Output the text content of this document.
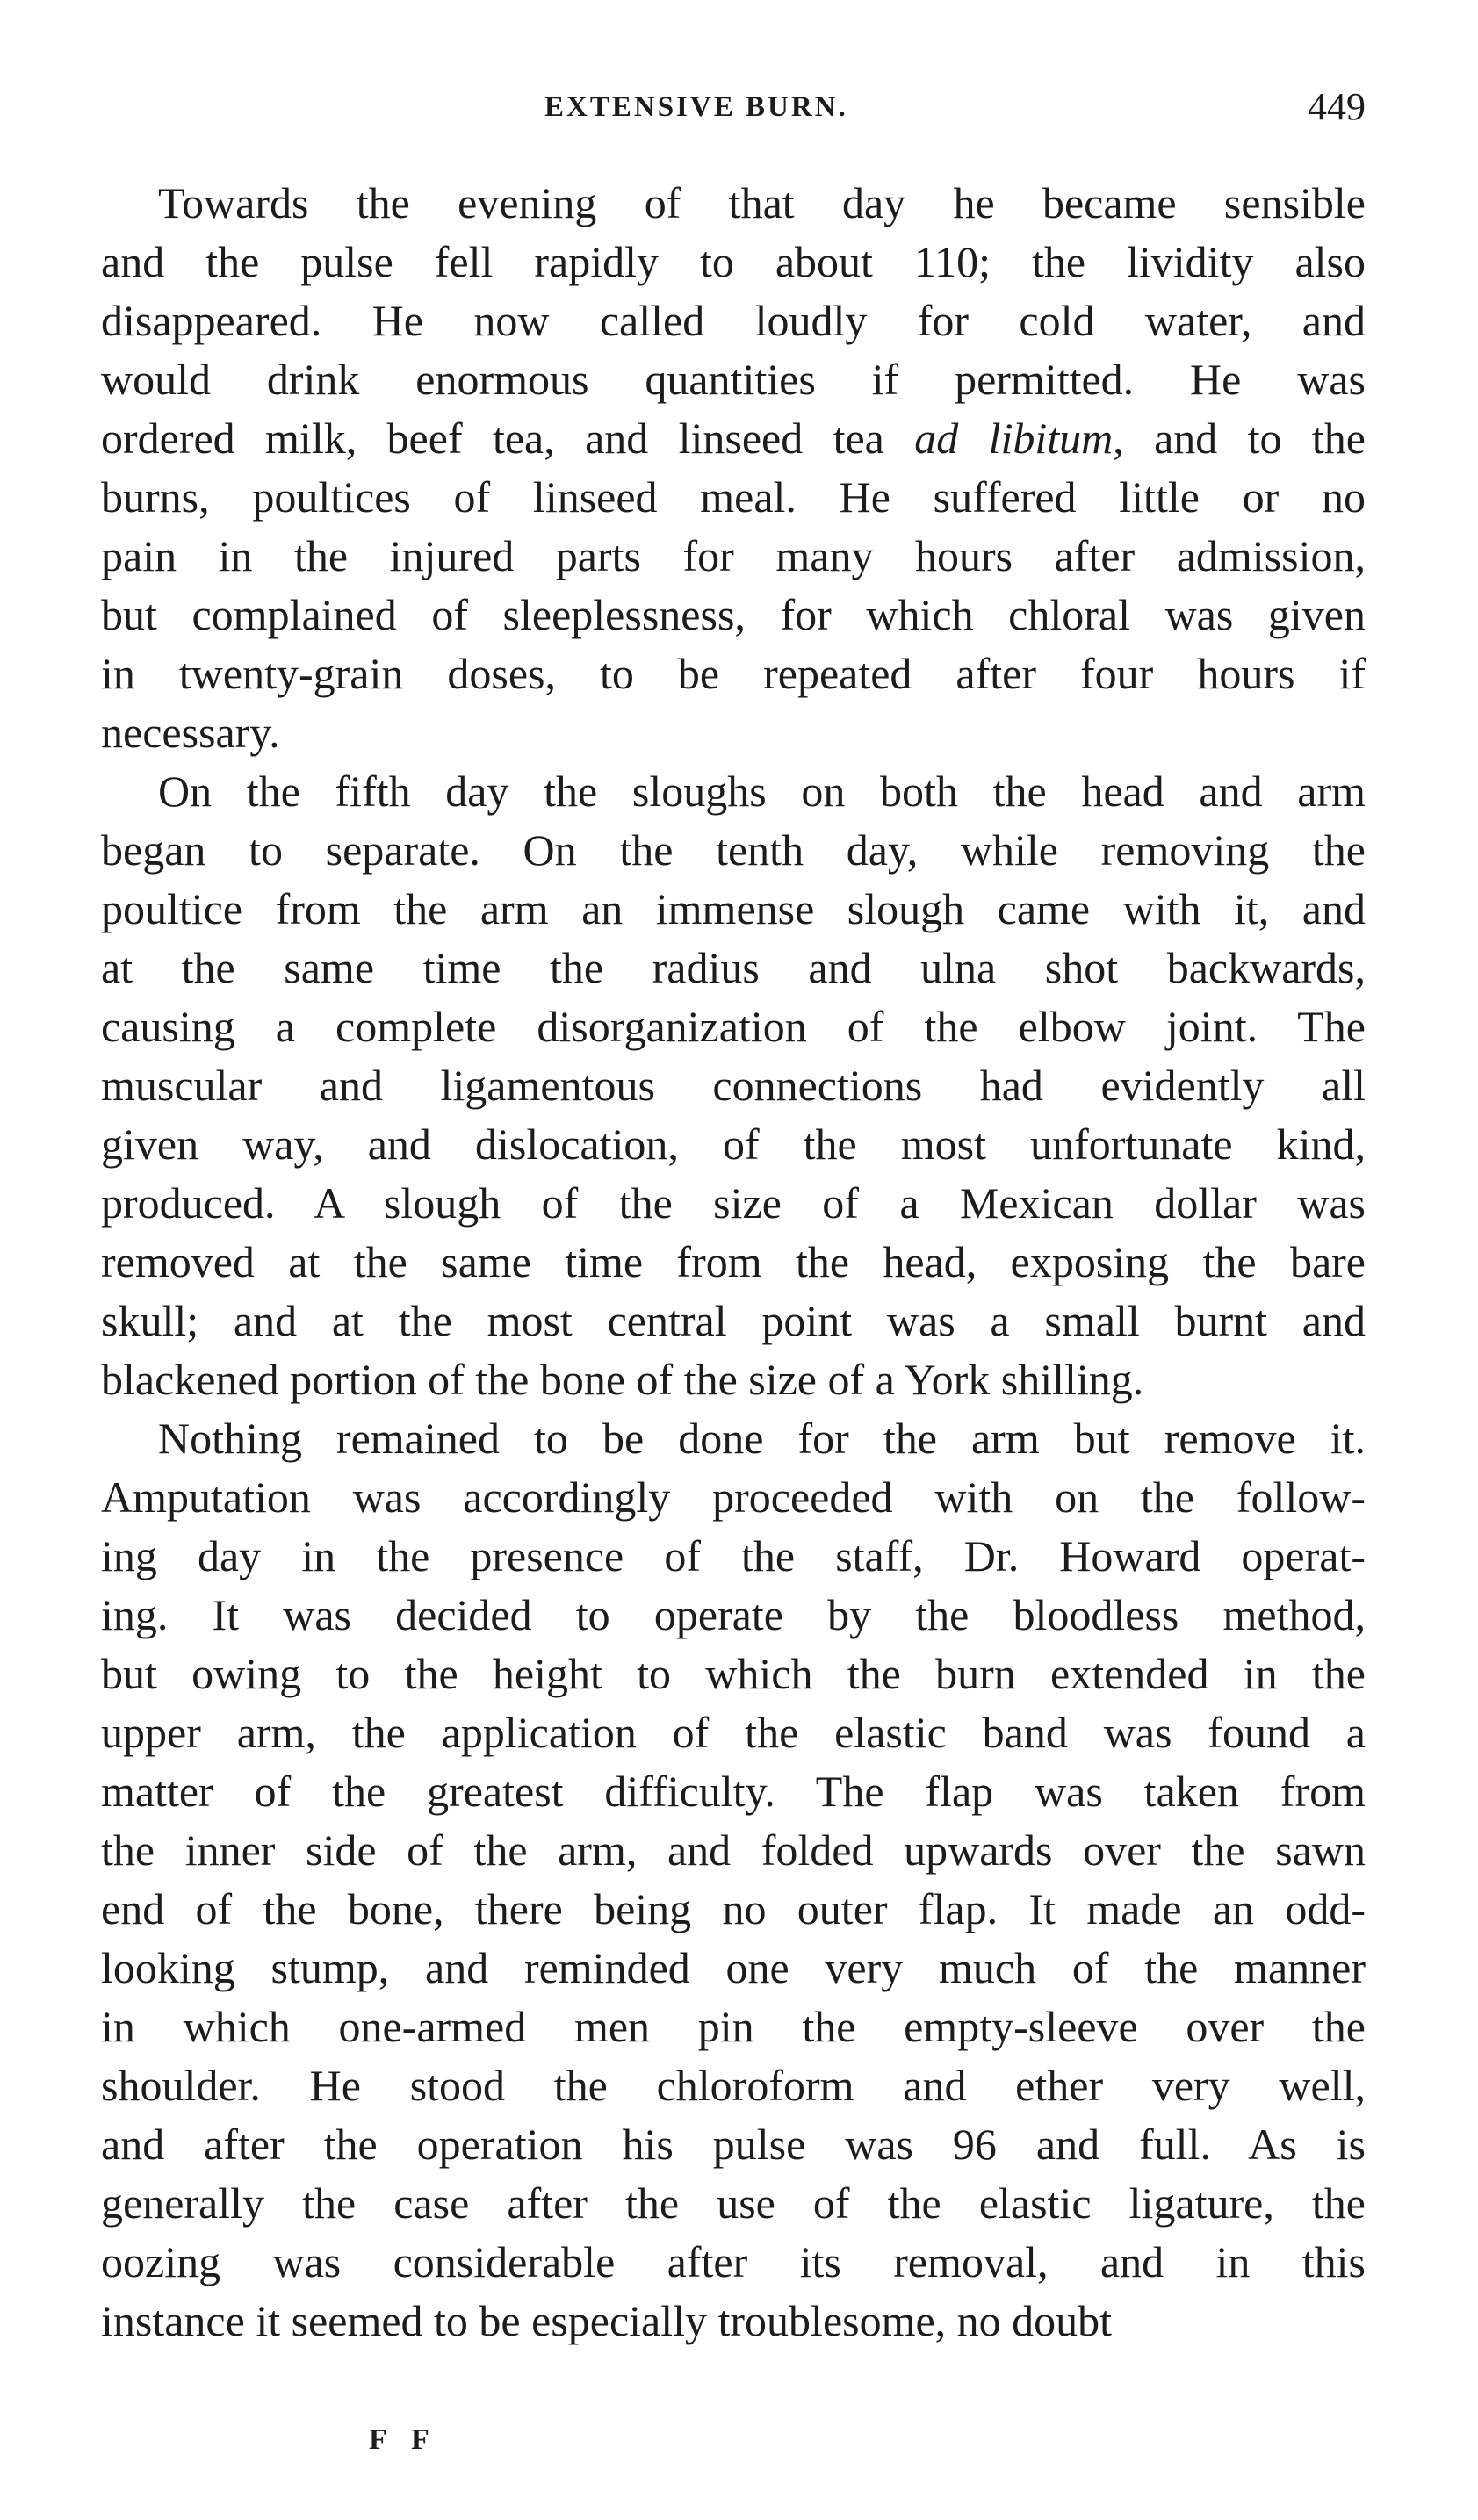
EXTENSIVE BURN.	449
Towards the evening of that day he became sensible
and the pulse fell rapidly to about 110; the lividity also
disappeared. He now called loudly for cold water, and
would drink enormous quantities if permitted. He was
ordered milk, beef tea, and linseed tea ad libitum, and to the
burns, poultices of linseed meal. He suffered little or no
pain in the injured parts for many hours after admission,
but complained of sleeplessness, for which chloral was given
in twenty-grain doses, to be repeated after four hours if
necessary.
On the fifth day the sloughs on both the head and arm
began to separate. On the tenth day, while removing the
poultice from the arm an immense slough came with it, and
at the same time the radius and ulna shot backwards,
causing a complete disorganization of the elbow joint. The
muscular and ligamentous connections had evidently all
given way, and dislocation, of the most unfortunate kind,
produced. A slough of the size of a Mexican dollar was
removed at the same time from the head, exposing the bare
skull; and at the most central point was a small burnt and
blackened portion of the bone of the size of a York shilling.
Nothing remained to be done for the arm but remove it.
Amputation was accordingly proceeded with on the follow-
ing day in the presence of the staff, Dr. Howard operat-
ing. It was decided to operate by the bloodless method,
but owing to the height to which the burn extended in the
upper arm, the application of the elastic band was found a
matter of the greatest difficulty. The flap was taken from
the inner side of the arm, and folded upwards over the sawn
end of the bone, there being no outer flap. It made an odd-
looking stump, and reminded one very much of the manner
in which one-armed men pin the empty-sleeve over the
shoulder. He stood the chloroform and ether very well,
and after the operation his pulse was 96 and full. As is
generally the case after the use of the elastic ligature, the
oozing was considerable after its removal, and in this
instance it seemed to be especially troublesome, no doubt
F F
